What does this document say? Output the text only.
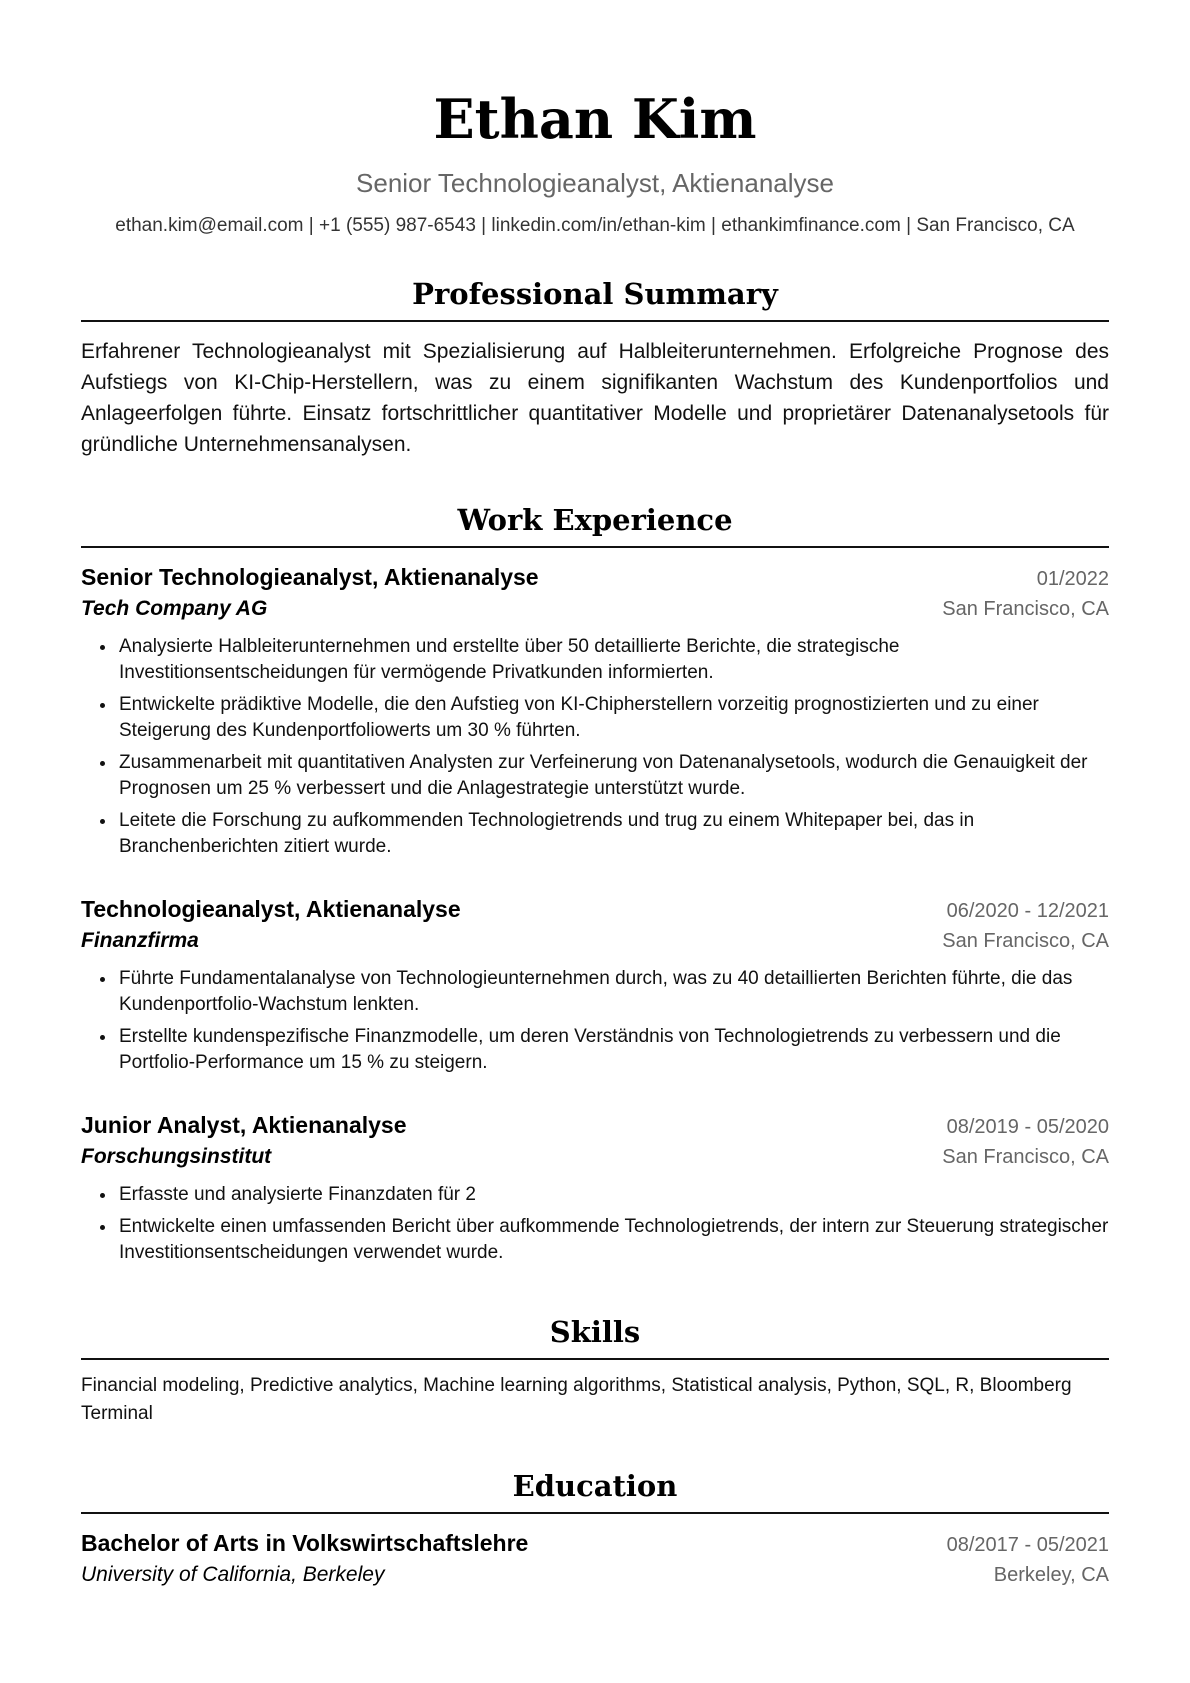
Ethan Kim
Senior Technologieanalyst, Aktienanalyse
ethan.kim@email.com | +1 (555) 987-6543 | linkedin.com/in/ethan-kim | ethankimfinance.com | San Francisco, CA
Professional Summary
Erfahrener Technologieanalyst mit Spezialisierung auf Halbleiterunternehmen. Erfolgreiche Prognose des Aufstiegs von KI-Chip-Herstellern, was zu einem signifikanten Wachstum des Kundenportfolios und Anlageerfolgen führte. Einsatz fortschrittlicher quantitativer Modelle und proprietärer Datenanalysetools für gründliche Unternehmensanalysen.
Work Experience
Senior Technologieanalyst, Aktienanalyse	01/2022
Tech Company AG	San Francisco, CA
• Analysierte Halbleiterunternehmen und erstellte über 50 detaillierte Berichte, die strategische Investitionsentscheidungen für vermögende Privatkunden informierten.
• Entwickelte prädiktive Modelle, die den Aufstieg von KI-Chipherstellern vorzeitig prognostizierten und zu einer Steigerung des Kundenportfoliowerts um 30 % führten.
• Zusammenarbeit mit quantitativen Analysten zur Verfeinerung von Datenanalysetools, wodurch die Genauigkeit der Prognosen um 25 % verbessert und die Anlagestrategie unterstützt wurde.
• Leitete die Forschung zu aufkommenden Technologietrends und trug zu einem Whitepaper bei, das in Branchenberichten zitiert wurde.
Technologieanalyst, Aktienanalyse	06/2020 - 12/2021
Finanzfirma	San Francisco, CA
• Führte Fundamentalanalyse von Technologieunternehmen durch, was zu 40 detaillierten Berichten führte, die das Kundenportfolio-Wachstum lenkten.
• Erstellte kundenspezifische Finanzmodelle, um deren Verständnis von Technologietrends zu verbessern und die Portfolio-Performance um 15 % zu steigern.
Junior Analyst, Aktienanalyse	08/2019 - 05/2020
Forschungsinstitut	San Francisco, CA
• Erfasste und analysierte Finanzdaten für 2
• Entwickelte einen umfassenden Bericht über aufkommende Technologietrends, der intern zur Steuerung strategischer Investitionsentscheidungen verwendet wurde.
Skills
Financial modeling, Predictive analytics, Machine learning algorithms, Statistical analysis, Python, SQL, R, Bloomberg Terminal
Education
Bachelor of Arts in Volkswirtschaftslehre	08/2017 - 05/2021
University of California, Berkeley	Berkeley, CA
